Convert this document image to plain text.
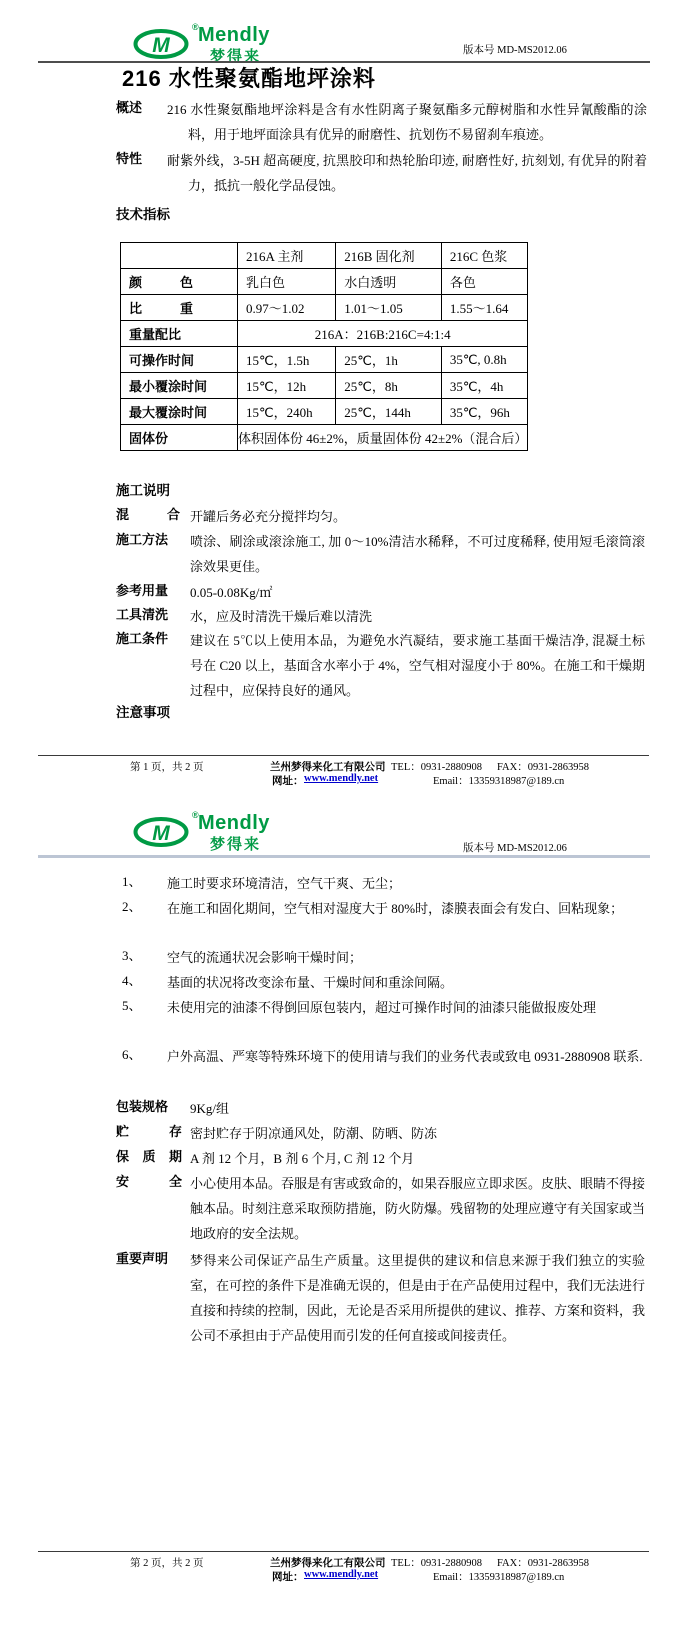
M
® Mendly
梦得来	版本号 MD-MS2012.06
216 水性聚氨酯地坪涂料
概述 216 水性聚氨酯地坪涂料是含有水性阴离子聚氨酯多元醇树脂和水性异氰酸酯的涂料，用于地坪面涂具有优异的耐磨性、抗划伤不易留刹车痕迹。
特性 耐紫外线，3-5H 超高硬度, 抗黑胶印和热轮胎印迹, 耐磨性好, 抗刻划, 有优异的附着力，抵抗一般化学品侵蚀。
技术指标
	216A 主剂	216B 固化剂	216C 色浆
颜色	乳白色	水白透明	各色
比重	0.97～1.02	1.01～1.05	1.55～1.64
重量配比	216A：216B:216C=4:1:4		
可操作时间	15℃，1.5h	25℃，1h	35℃, 0.8h
最小覆涂时间	15℃，12h	25℃，8h	35℃，4h
最大覆涂时间	15℃，240h	25℃，144h	35℃，96h
固体份	体积固体份 46±2%，质量固体份 42±2%（混合后）		
施工说明
混合 开罐后务必充分搅拌均匀。
施工方法	喷涂、刷涂或滚涂施工, 加 0～10%清洁水稀释，不可过度稀释, 使用短毛滚筒滚涂效果更佳。
参考用量	0.05-0.08Kg/㎡
工具清洗	水，应及时清洗干燥后难以清洗
施工条件	建议在 5℃以上使用本品，为避免水汽凝结，要求施工基面干燥洁净, 混凝土标号在 C20 以上，基面含水率小于 4%，空气相对湿度小于 80%。在施工和干燥期过程中，应保持良好的通风。
注意事项
第 1 页，共 2 页	兰州梦得来化工有限公司 TEL：0931-2880908 FAX：0931-2863958
网址： www.mendly.net	Email：13359318987@189.cn
M
® Mendly
梦得来	版本号 MD-MS2012.06
1、 施工时要求环境清洁，空气干爽、无尘；
2、 在施工和固化期间，空气相对湿度大于 80%时，漆膜表面会有发白、回粘现象；
3、 空气的流通状况会影响干燥时间；
4、 基面的状况将改变涂布量、干燥时间和重涂间隔。
5、 未使用完的油漆不得倒回原包装内，超过可操作时间的油漆只能做报废处理
6、 户外高温、严寒等特殊环境下的使用请与我们的业务代表或致电 0931-2880908 联系.
包装规格	9Kg/组
贮存 密封贮存于阴凉通风处，防潮、防晒、防冻
保质期 A 剂 12 个月，B 剂 6 个月, C 剂 12 个月
安全 小心使用本品。吞服是有害或致命的，如果吞服应立即求医。皮肤、眼睛不得接触本品。时刻注意采取预防措施，防火防爆。残留物的处理应遵守有关国家或当地政府的安全法规。
重要声明	梦得来公司保证产品生产质量。这里提供的建议和信息来源于我们独立的实验室，在可控的条件下是准确无误的，但是由于在产品使用过程中，我们无法进行直接和持续的控制，因此，无论是否采用所提供的建议、推荐、方案和资料，我公司不承担由于产品使用而引发的任何直接或间接责任。
第 2 页，共 2 页	兰州梦得来化工有限公司 TEL：0931-2880908 FAX：0931-2863958
网址： www.mendly.net	Email：13359318987@189.cn
